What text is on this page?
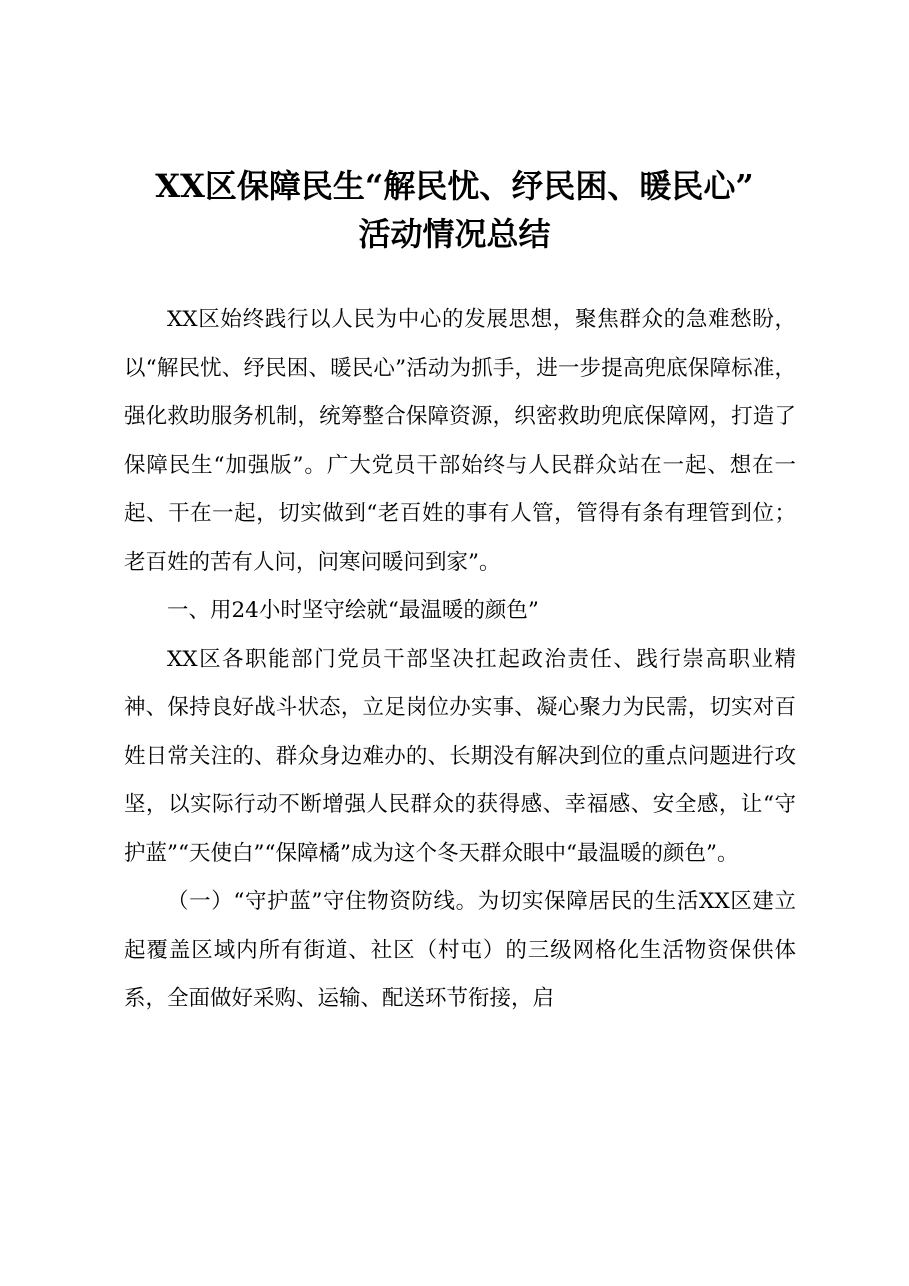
XX区保障民生“解民忧、纾民困、暖民心”
活动情况总结

XX区始终践行以人民为中心的发展思想，聚焦群众的急难愁盼，以“解民忧、纾民困、暖民心”活动为抓手，进一步提高兜底保障标准，强化救助服务机制，统筹整合保障资源，织密救助兜底保障网，打造了保障民生“加强版”。广大党员干部始终与人民群众站在一起、想在一起、干在一起，切实做到“老百姓的事有人管，管得有条有理管到位；老百姓的苦有人问，问寒问暖问到家”。

一、用24小时坚守绘就“最温暖的颜色”

XX区各职能部门党员干部坚决扛起政治责任、践行崇高职业精神、保持良好战斗状态，立足岗位办实事、凝心聚力为民需，切实对百姓日常关注的、群众身边难办的、长期没有解决到位的重点问题进行攻坚，以实际行动不断增强人民群众的获得感、幸福感、安全感，让“守护蓝”“天使白”“保障橘”成为这个冬天群众眼中“最温暖的颜色”。

（一）“守护蓝”守住物资防线。为切实保障居民的生活XX区建立起覆盖区域内所有街道、社区（村屯）的三级网格化生活物资保供体系，全面做好采购、运输、配送环节衔接，启
